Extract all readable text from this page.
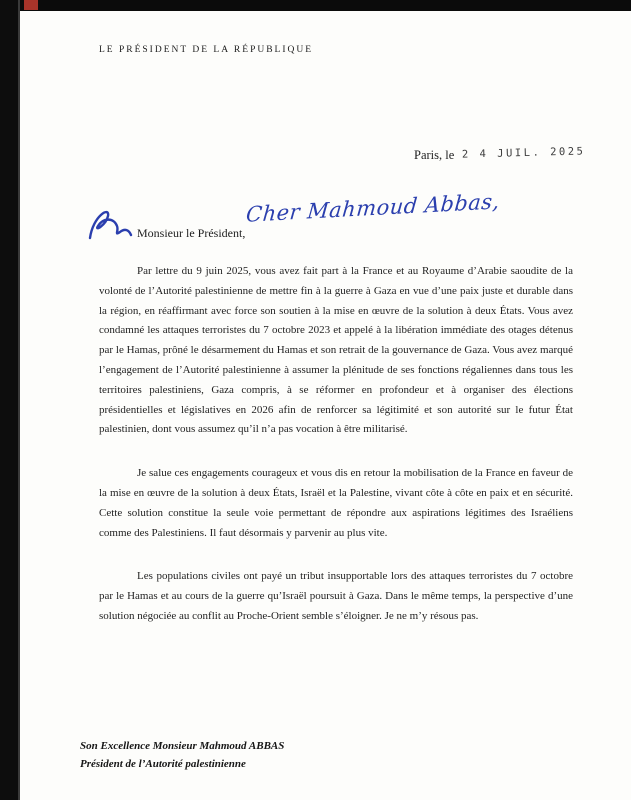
LE PRÉSIDENT DE LA RÉPUBLIQUE
Paris, le 2 4 JUIL. 2025
Cher Mahmoud Abbas,
Monsieur le Président,

Par lettre du 9 juin 2025, vous avez fait part à la France et au Royaume d’Arabie saoudite de la volonté de l’Autorité palestinienne de mettre fin à la guerre à Gaza en vue d’une paix juste et durable dans la région, en réaffirmant avec force son soutien à la mise en œuvre de la solution à deux États. Vous avez condamné les attaques terroristes du 7 octobre 2023 et appelé à la libération immédiate des otages détenus par le Hamas, prôné le désarmement du Hamas et son retrait de la gouvernance de Gaza. Vous avez marqué l’engagement de l’Autorité palestinienne à assumer la plénitude de ses fonctions régaliennes dans tous les territoires palestiniens, Gaza compris, à se réformer en profondeur et à organiser des élections présidentielles et législatives en 2026 afin de renforcer sa légitimité et son autorité sur le futur État palestinien, dont vous assumez qu’il n’a pas vocation à être militarisé.

Je salue ces engagements courageux et vous dis en retour la mobilisation de la France en faveur de la mise en œuvre de la solution à deux États, Israël et la Palestine, vivant côte à côte en paix et en sécurité. Cette solution constitue la seule voie permettant de répondre aux aspirations légitimes des Israéliens comme des Palestiniens. Il faut désormais y parvenir au plus vite.

Les populations civiles ont payé un tribut insupportable lors des attaques terroristes du 7 octobre par le Hamas et au cours de la guerre qu’Israël poursuit à Gaza. Dans le même temps, la perspective d’une solution négociée au conflit au Proche-Orient semble s’éloigner. Je ne m’y résous pas.

Son Excellence Monsieur Mahmoud ABBAS
Président de l’Autorité palestinienne
